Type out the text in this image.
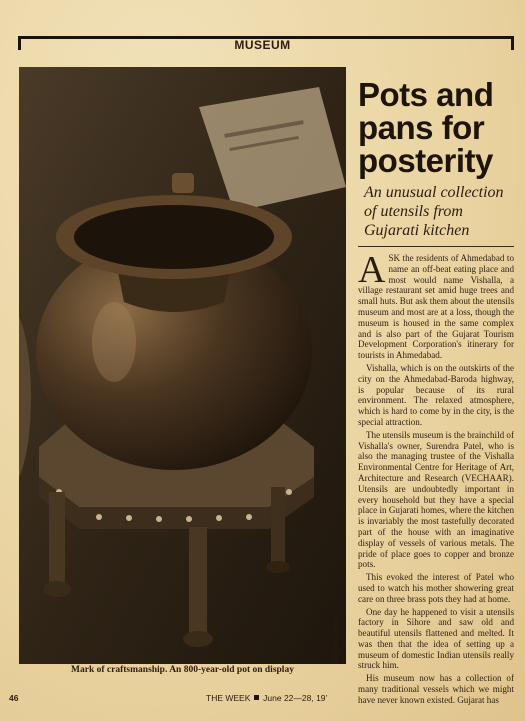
MUSEUM
PICS: ANIL SHAH
Mark of craftsmanship. An 800-year-old pot on display
Pots and
pans for
posterity
An unusual collection of utensils from Gujarati kitchen

ASK the residents of Ahmedabad to name an off-beat eating place and most would name Vishalla, a village restaurant set amid huge trees and small huts. But ask them about the utensils museum and most are at a loss, though the museum is housed in the same complex and is also part of the Gujarat Tourism Development Corporation's itinerary for tourists in Ahmedabad.

Vishalla, which is on the outskirts of the city on the Ahmedabad-Baroda highway, is popular because of its rural environment. The relaxed atmosphere, which is hard to come by in the city, is the special attraction.

The utensils museum is the brainchild of Vishalla's owner, Surendra Patel, who is also the managing trustee of the Vishalla Environmental Centre for Heritage of Art, Architecture and Research (VECHAAR). Utensils are undoubtedly important in every household but they have a special place in Gujarati homes, where the kitchen is invariably the most tastefully decorated part of the house with an imaginative display of vessels of various metals. The pride of place goes to copper and bronze pots.

This evoked the interest of Patel who used to watch his mother showering great care on three brass pots they had at home.

One day he happened to visit a utensils factory in Sihore and saw old and beautiful utensils flattened and melted. It was then that the idea of setting up a museum of domestic Indian utensils really struck him.

His museum now has a collection of many traditional vessels which we might have never known existed. Gujarat has

46	THE WEEK June 22—28, 19’
